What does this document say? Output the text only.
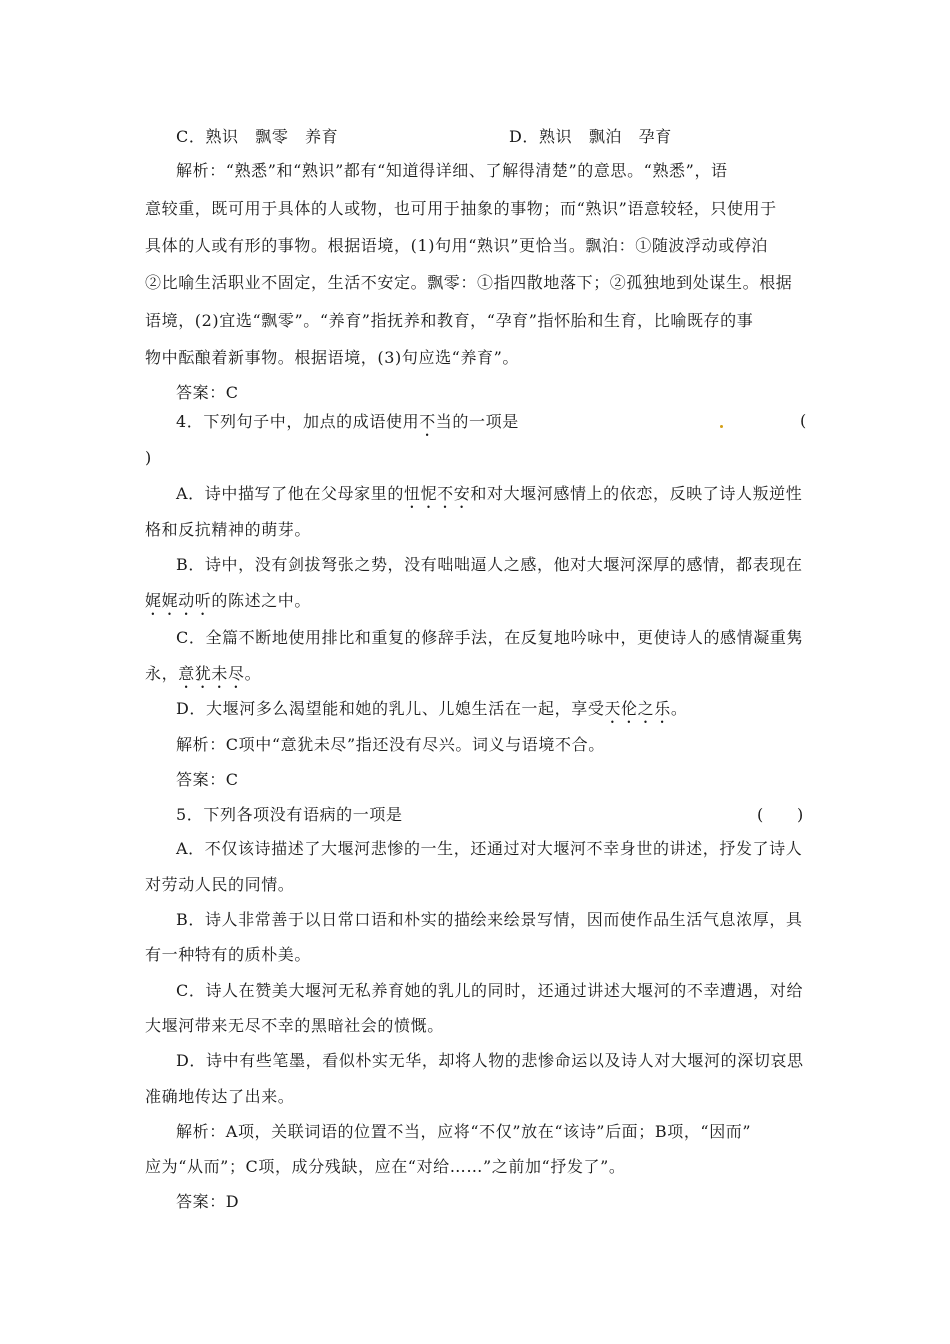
C．熟识　飘零　养育	D．熟识　飘泊　孕育
解析：“熟悉”和“熟识”都有“知道得详细、了解得清楚”的意思。“熟悉”，语
意较重，既可用于具体的人或物，也可用于抽象的事物；而“熟识”语意较轻，只使用于
具体的人或有形的事物。根据语境，(1)句用“熟识”更恰当。飘泊：①随波浮动或停泊
②比喻生活职业不固定，生活不安定。飘零：①指四散地落下；②孤独地到处谋生。根据
语境，(2)宜选“飘零”。“养育”指抚养和教育，“孕育”指怀胎和生育，比喻既存的事
物中酝酿着新事物。根据语境，(3)句应选“养育”。
答案：C
4．下列句子中，加点的成语使用不当的一项是	(
)
A．诗中描写了他在父母家里的忸怩不安和对大堰河感情上的依恋，反映了诗人叛逆性
格和反抗精神的萌芽。
B．诗中，没有剑拔弩张之势，没有咄咄逼人之感，他对大堰河深厚的感情，都表现在
娓娓动听的陈述之中。
C．全篇不断地使用排比和重复的修辞手法，在反复地吟咏中，更使诗人的感情凝重隽
永，意犹未尽。
D．大堰河多么渴望能和她的乳儿、儿媳生活在一起，享受天伦之乐。
解析：C项中“意犹未尽”指还没有尽兴。词义与语境不合。
答案：C
5．下列各项没有语病的一项是	(　　)
A．不仅该诗描述了大堰河悲惨的一生，还通过对大堰河不幸身世的讲述，抒发了诗人
对劳动人民的同情。
B．诗人非常善于以日常口语和朴实的描绘来绘景写情，因而使作品生活气息浓厚，具
有一种特有的质朴美。
C．诗人在赞美大堰河无私养育她的乳儿的同时，还通过讲述大堰河的不幸遭遇，对给
大堰河带来无尽不幸的黑暗社会的愤慨。
D．诗中有些笔墨，看似朴实无华，却将人物的悲惨命运以及诗人对大堰河的深切哀思
准确地传达了出来。
解析：A项，关联词语的位置不当，应将“不仅”放在“该诗”后面；B项，“因而”
应为“从而”；C项，成分残缺，应在“对给……”之前加“抒发了”。
答案：D
